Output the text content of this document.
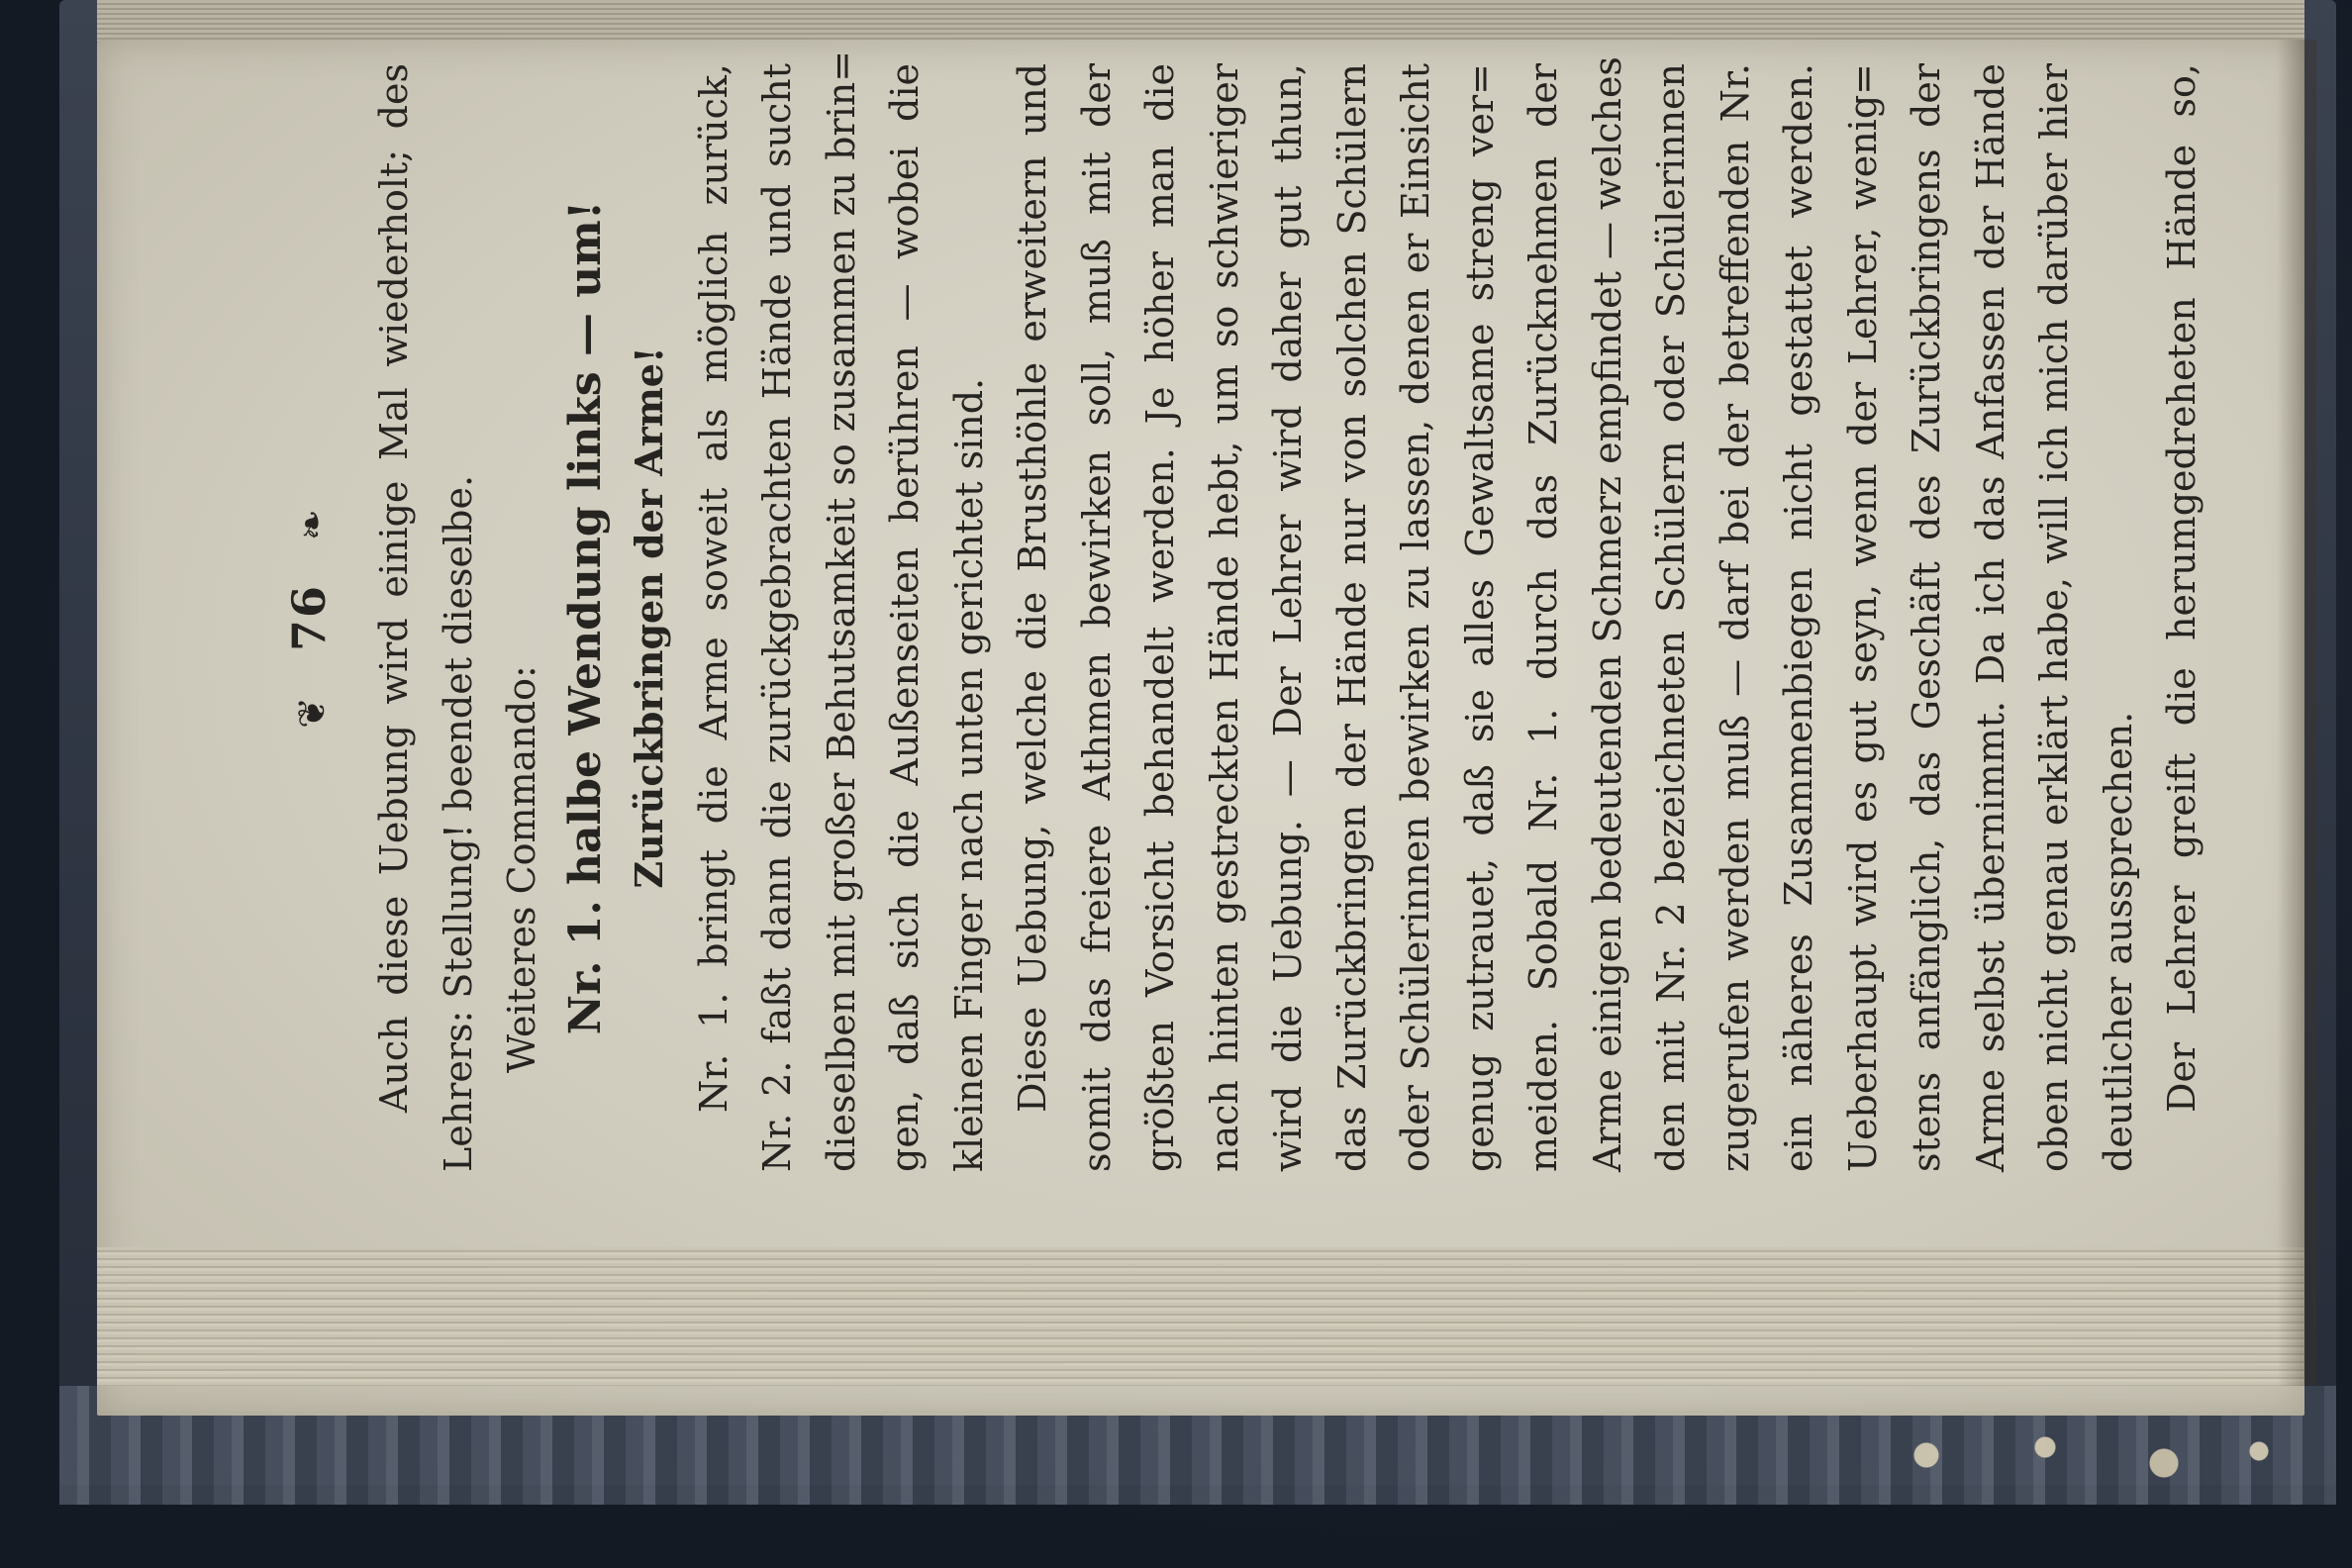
❦ 76 ❧ Auch diese Uebung wird einige Mal wiederholt; des Lehrers: Stellung! beendet dieselbe. Weiteres Commando: Nr. 1. halbe Wendung links — um! Zurückbringen der Arme! Nr. 1. bringt die Arme soweit als möglich zurück, Nr. 2. faßt dann die zurückgebrachten Hände und sucht dieselben mit großer Behutsamkeit so zusammen zu brin= gen, daß sich die Außenseiten berühren — wobei die kleinen Finger nach unten gerichtet sind. Diese Uebung, welche die Brusthöhle erweitern und somit das freiere Athmen bewirken soll, muß mit der größten Vorsicht behandelt werden. Je höher man die nach hinten gestreckten Hände hebt, um so schwieriger wird die Uebung. — Der Lehrer wird daher gut thun, das Zurückbringen der Hände nur von solchen Schülern oder Schülerinnen bewirken zu lassen, denen er Einsicht genug zutrauet, daß sie alles Gewaltsame streng ver= meiden. Sobald Nr. 1. durch das Zurücknehmen der Arme einigen bedeutenden Schmerz empfindet — welches den mit Nr. 2 bezeichneten Schülern oder Schülerinnen zugerufen werden muß — darf bei der betreffenden Nr. ein näheres Zusammenbiegen nicht gestattet werden. Ueberhaupt wird es gut seyn, wenn der Lehrer, wenig= stens anfänglich, das Geschäft des Zurückbringens der Arme selbst übernimmt. Da ich das Anfassen der Hände oben nicht genau erklärt habe, will ich mich darüber hier deutlicher aussprechen. Der Lehrer greift die herumgedreheten Hände so,
